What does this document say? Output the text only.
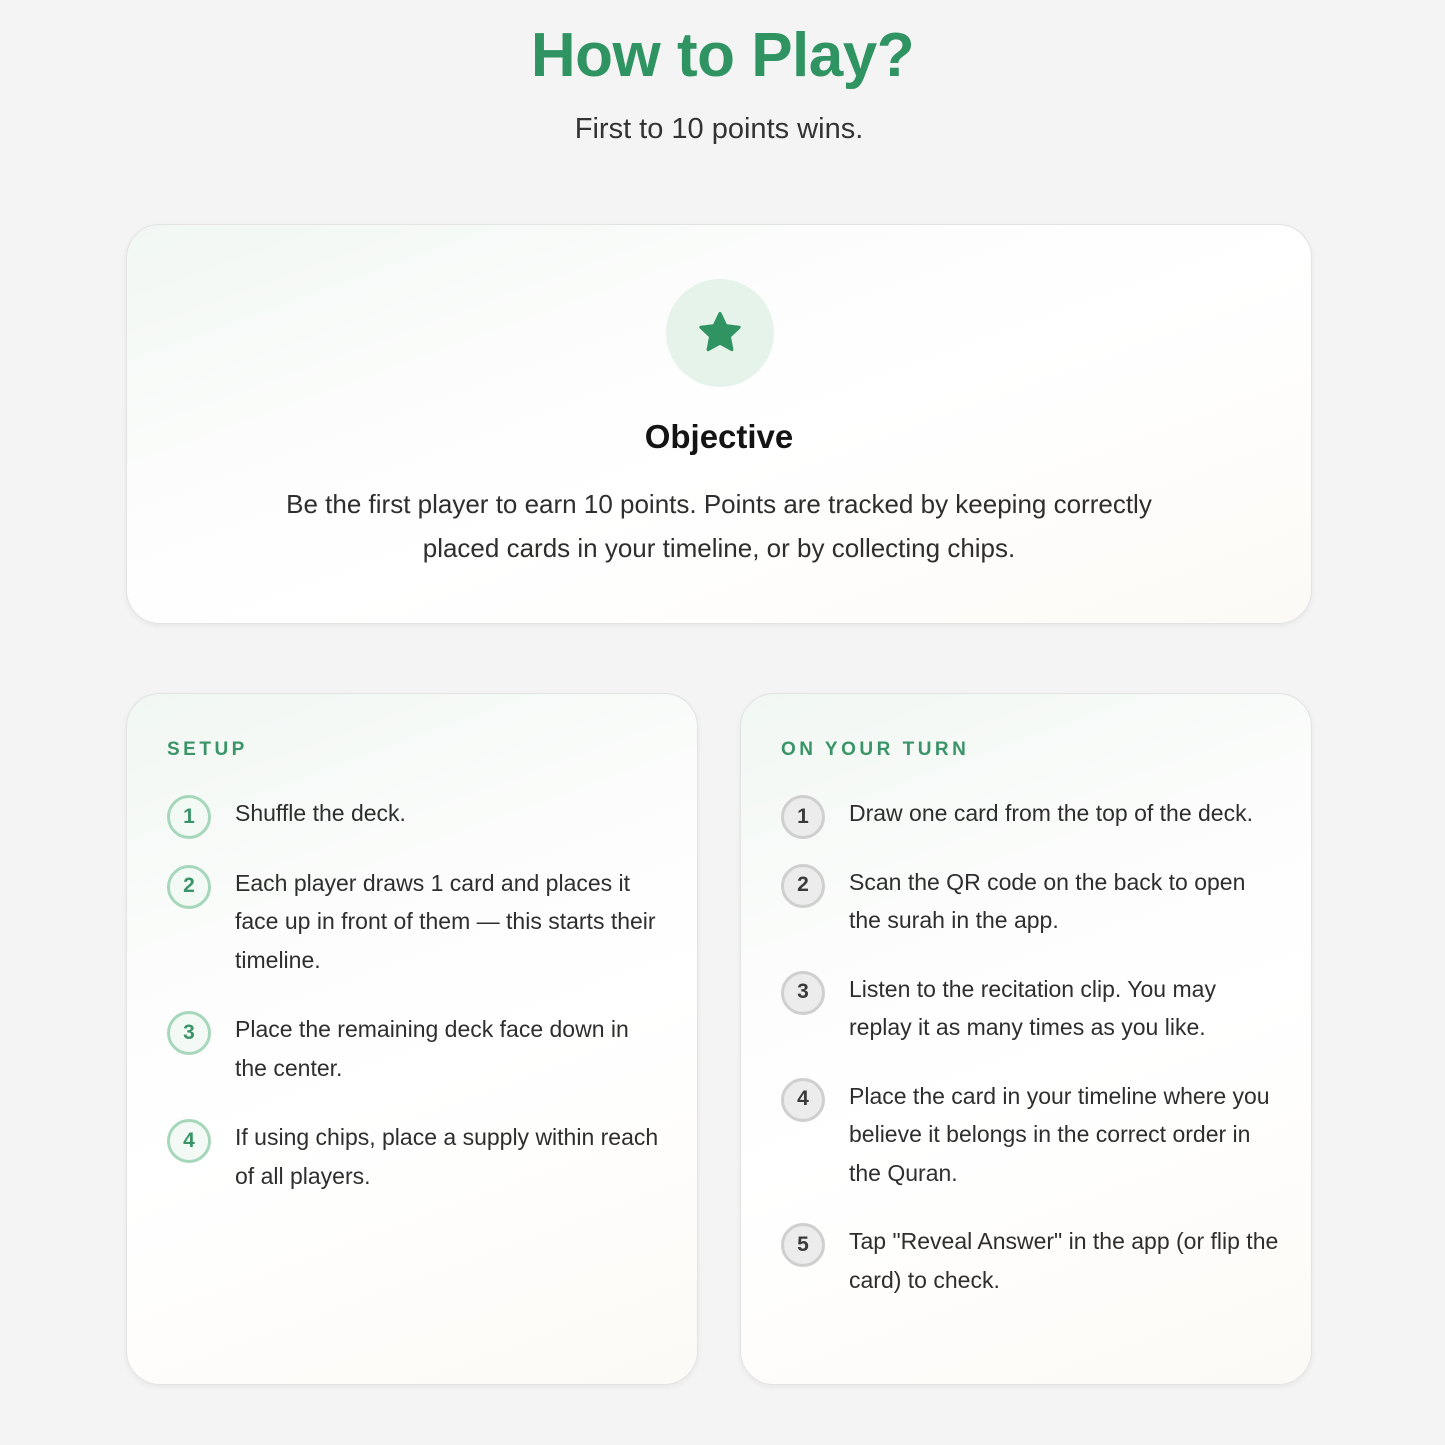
How to Play?

First to 10 points wins.

Objective

Be the first player to earn 10 points. Points are tracked by keeping correctly placed cards in your timeline, or by collecting chips.

SETUP
1	Shuffle the deck.
2	Each player draws 1 card and places it face up in front of them — this starts their timeline.
3	Place the remaining deck face down in the center.
4	If using chips, place a supply within reach of all players.
ON YOUR TURN
1	Draw one card from the top of the deck.
2	Scan the QR code on the back to open the surah in the app.
3	Listen to the recitation clip. You may replay it as many times as you like.
4	Place the card in your timeline where you believe it belongs in the correct order in the Quran.
5	Tap "Reveal Answer" in the app (or flip the card) to check.
